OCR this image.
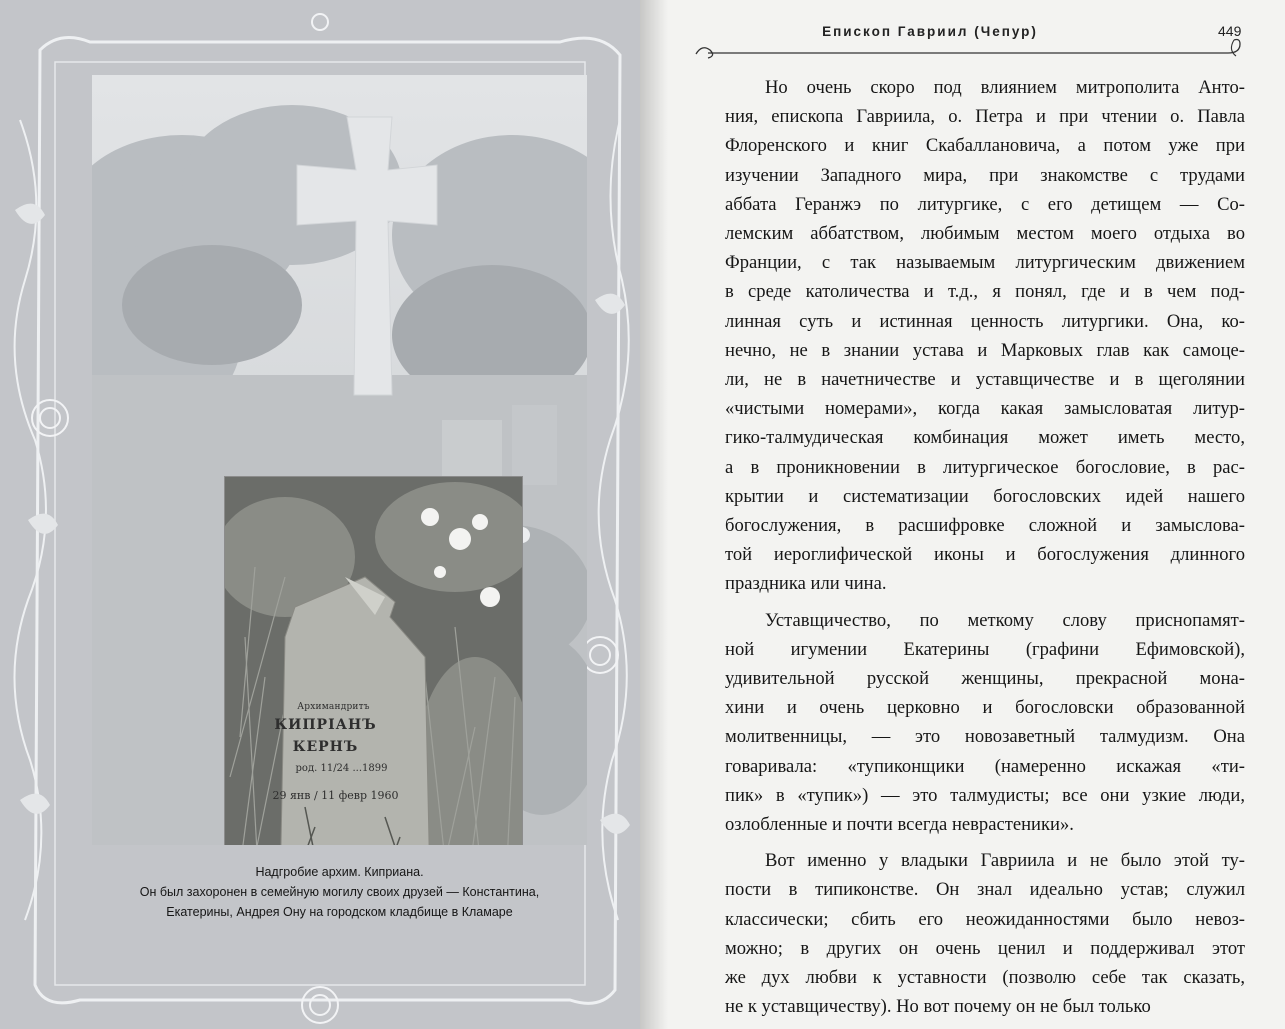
Архимандритъ
КИПРІАНЪ
КЕРНЪ
род. 11/24 ...1899
29 янв / 11 февр 1960
Надгробие архим. Киприана.
Он был захоронен в семейную могилу своих друзей — Константина,
Екатерины, Андрея Ону на городском кладбище в Кламаре
Епископ Гавриил (Чепур)	449
Но очень скоро под влиянием митрополита Анто-
ния, епископа Гавриила, о. Петра и при чтении о. Павла
Флоренского и книг Скабаллановича, а потом уже при
изучении Западного мира, при знакомстве с трудами
аббата Геранжэ по литургике, с его детищем — Со-
лемским аббатством, любимым местом моего отдыха во
Франции, с так называемым литургическим движением
в среде католичества и т.д., я понял, где и в чем под-
линная суть и истинная ценность литургики. Она, ко-
нечно, не в знании устава и Марковых глав как самоце-
ли, не в начетничестве и уставщичестве и в щеголянии
«чистыми номерами», когда какая замысловатая литур-
гико-талмудическая комбинация может иметь место,
а в проникновении в литургическое богословие, в рас-
крытии и систематизации богословских идей нашего
богослужения, в расшифровке сложной и замыслова-
той иероглифической иконы и богослужения длинного
праздника или чина.
Уставщичество, по меткому слову приснопамят-
ной игумении Екатерины (графини Ефимовской),
удивительной русской женщины, прекрасной мона-
хини и очень церковно и богословски образованной
молитвенницы, — это новозаветный талмудизм. Она
говаривала: «тупиконщики (намеренно искажая «ти-
пик» в «тупик») — это талмудисты; все они узкие люди,
озлобленные и почти всегда неврастеники».
Вот именно у владыки Гавриила и не было этой ту-
пости в типиконстве. Он знал идеально устав; служил
классически; сбить его неожиданностями было невоз-
можно; в других он очень ценил и поддерживал этот
же дух любви к уставности (позволю себе так сказать,
не к уставщичеству). Но вот почему он не был только
